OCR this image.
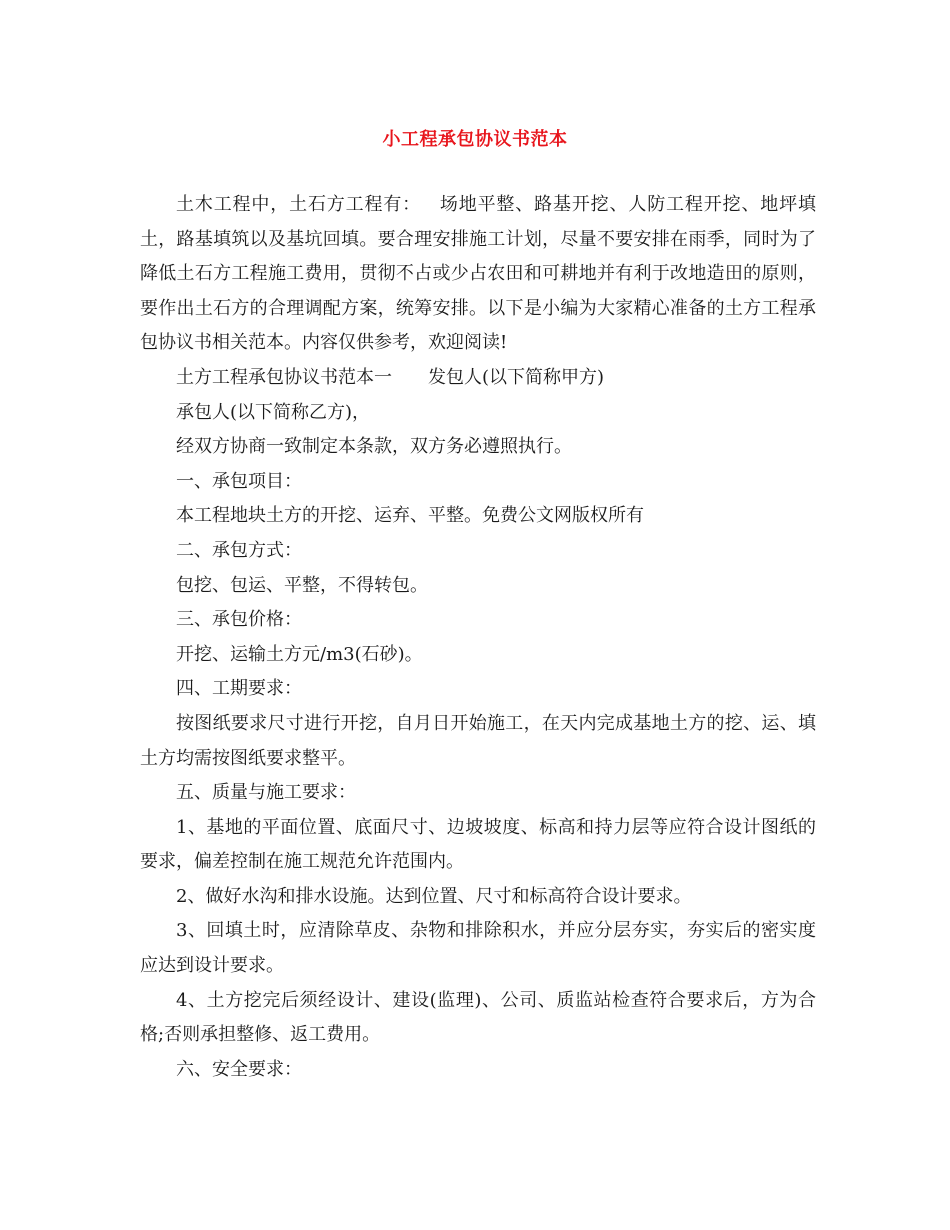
小工程承包协议书范本

土木工程中，土石方工程有： 场地平整、路基开挖、人防工程开挖、地坪填土，路基填筑以及基坑回填。要合理安排施工计划，尽量不要安排在雨季，同时为了降低土石方工程施工费用，贯彻不占或少占农田和可耕地并有利于改地造田的原则，要作出土石方的合理调配方案，统筹安排。以下是小编为大家精心准备的土方工程承包协议书相关范本。内容仅供参考，欢迎阅读!

土方工程承包协议书范本一 发包人(以下简称甲方)

承包人(以下简称乙方)，

经双方协商一致制定本条款，双方务必遵照执行。

一、承包项目：

本工程地块土方的开挖、运弃、平整。免费公文网版权所有

二、承包方式：

包挖、包运、平整，不得转包。

三、承包价格：

开挖、运输土方元/m3(石砂)。

四、工期要求：

按图纸要求尺寸进行开挖，自月日开始施工，在天内完成基地土方的挖、运、填土方均需按图纸要求整平。

五、质量与施工要求：

1、基地的平面位置、底面尺寸、边坡坡度、标高和持力层等应符合设计图纸的要求，偏差控制在施工规范允许范围内。

2、做好水沟和排水设施。达到位置、尺寸和标高符合设计要求。

3、回填土时，应清除草皮、杂物和排除积水，并应分层夯实，夯实后的密实度应达到设计要求。

4、土方挖完后须经设计、建设(监理)、公司、质监站检查符合要求后，方为合格;否则承担整修、返工费用。

六、安全要求：
